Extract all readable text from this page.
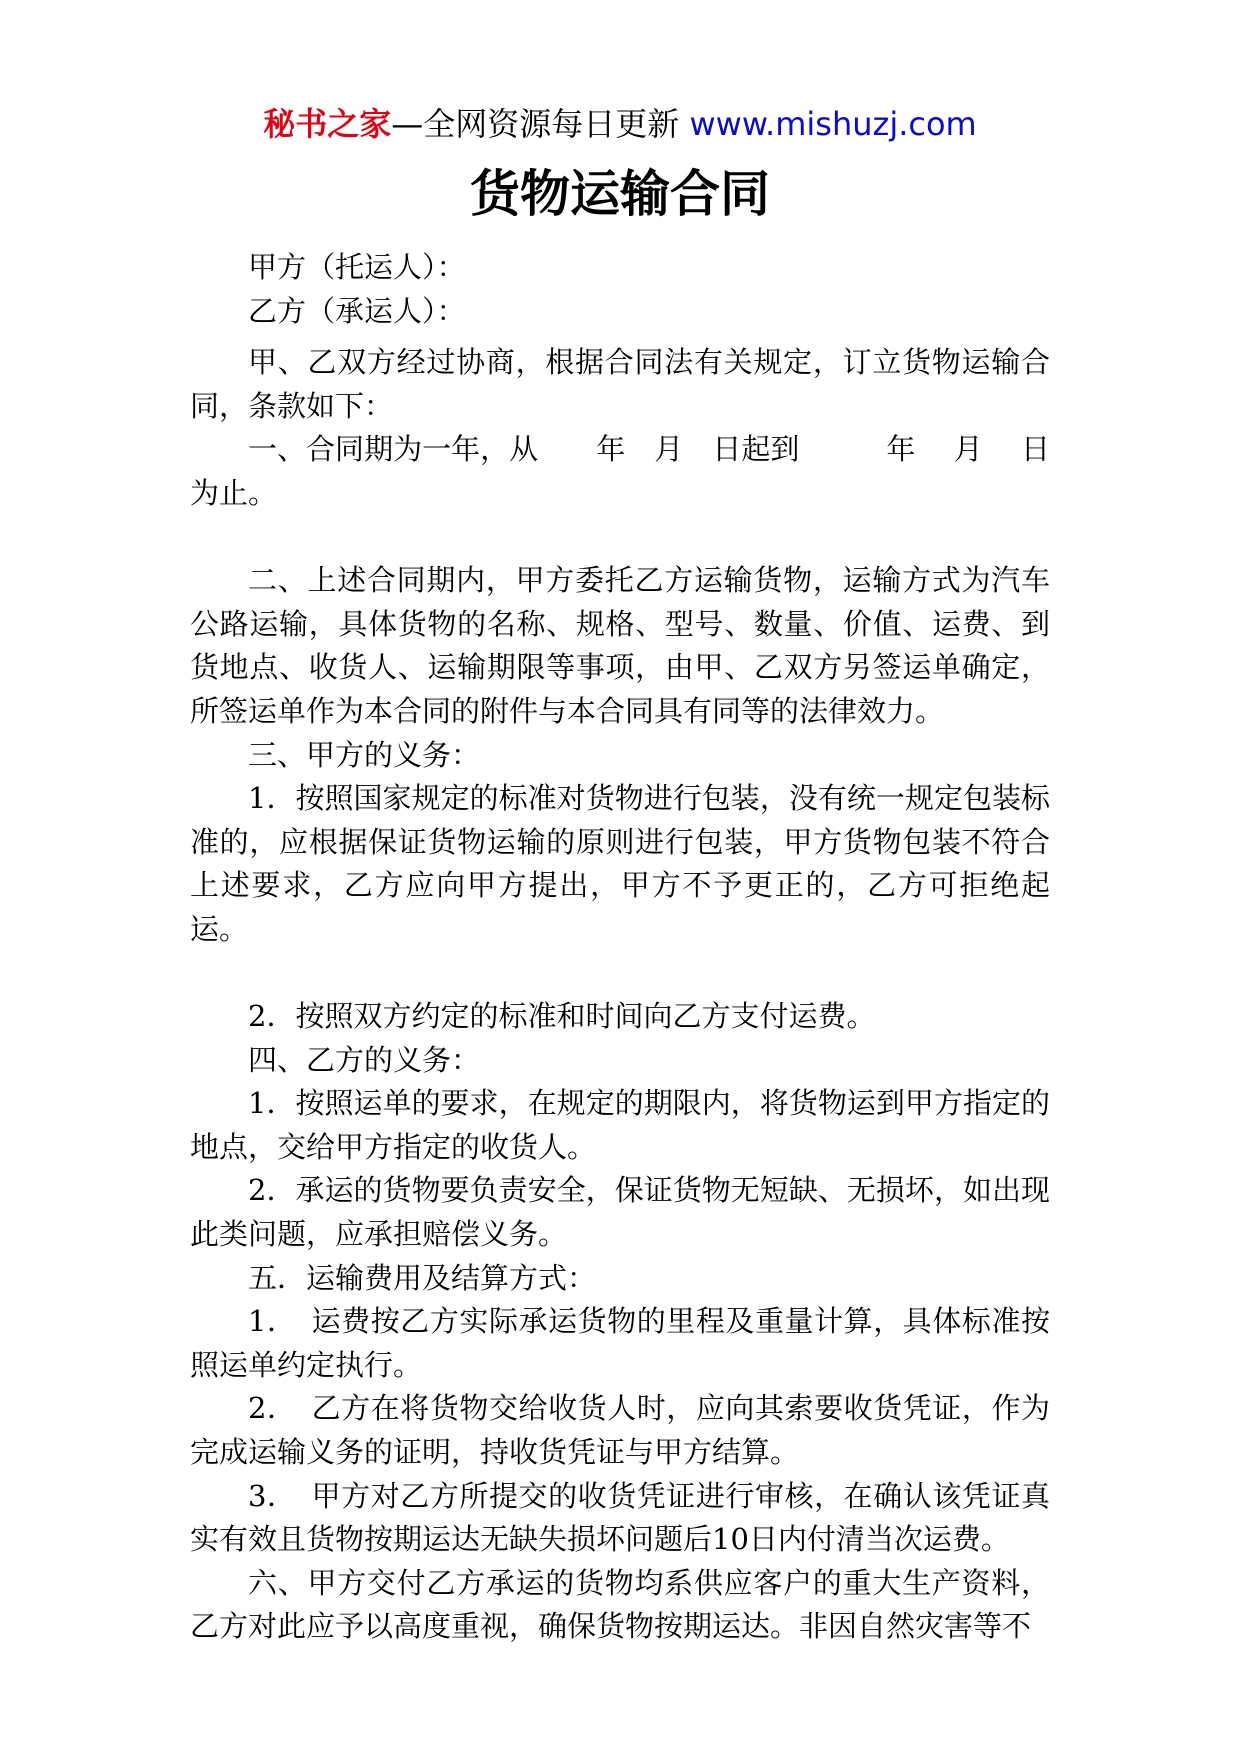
秘书之家—全网资源每日更新 www.mishuzj.com
货物运输合同

甲方（托运人）：

乙方（承运人）：

甲、乙双方经过协商，根据合同法有关规定，订立货物运输合同，条款如下：

一、合同期为一年，从　　年　月　日起到　　　年　 月　 日为止。

二、上述合同期内，甲方委托乙方运输货物，运输方式为汽车公路运输，具体货物的名称、规格、型号、数量、价值、运费、到货地点、收货人、运输期限等事项，由甲、乙双方另签运单确定，所签运单作为本合同的附件与本合同具有同等的法律效力。

三、甲方的义务：

1．按照国家规定的标准对货物进行包装，没有统一规定包装标准的，应根据保证货物运输的原则进行包装，甲方货物包装不符合上述要求，乙方应向甲方提出，甲方不予更正的，乙方可拒绝起运。

2．按照双方约定的标准和时间向乙方支付运费。

四、乙方的义务：

1．按照运单的要求，在规定的期限内，将货物运到甲方指定的地点，交给甲方指定的收货人。

2．承运的货物要负责安全，保证货物无短缺、无损坏，如出现此类问题，应承担赔偿义务。

五．运输费用及结算方式：

1．　运费按乙方实际承运货物的里程及重量计算，具体标准按照运单约定执行。

2．　乙方在将货物交给收货人时，应向其索要收货凭证，作为完成运输义务的证明，持收货凭证与甲方结算。

3．　甲方对乙方所提交的收货凭证进行审核，在确认该凭证真实有效且货物按期运达无缺失损坏问题后10日内付清当次运费。

六、甲方交付乙方承运的货物均系供应客户的重大生产资料，乙方对此应予以高度重视，确保货物按期运达。非因自然灾害等不
